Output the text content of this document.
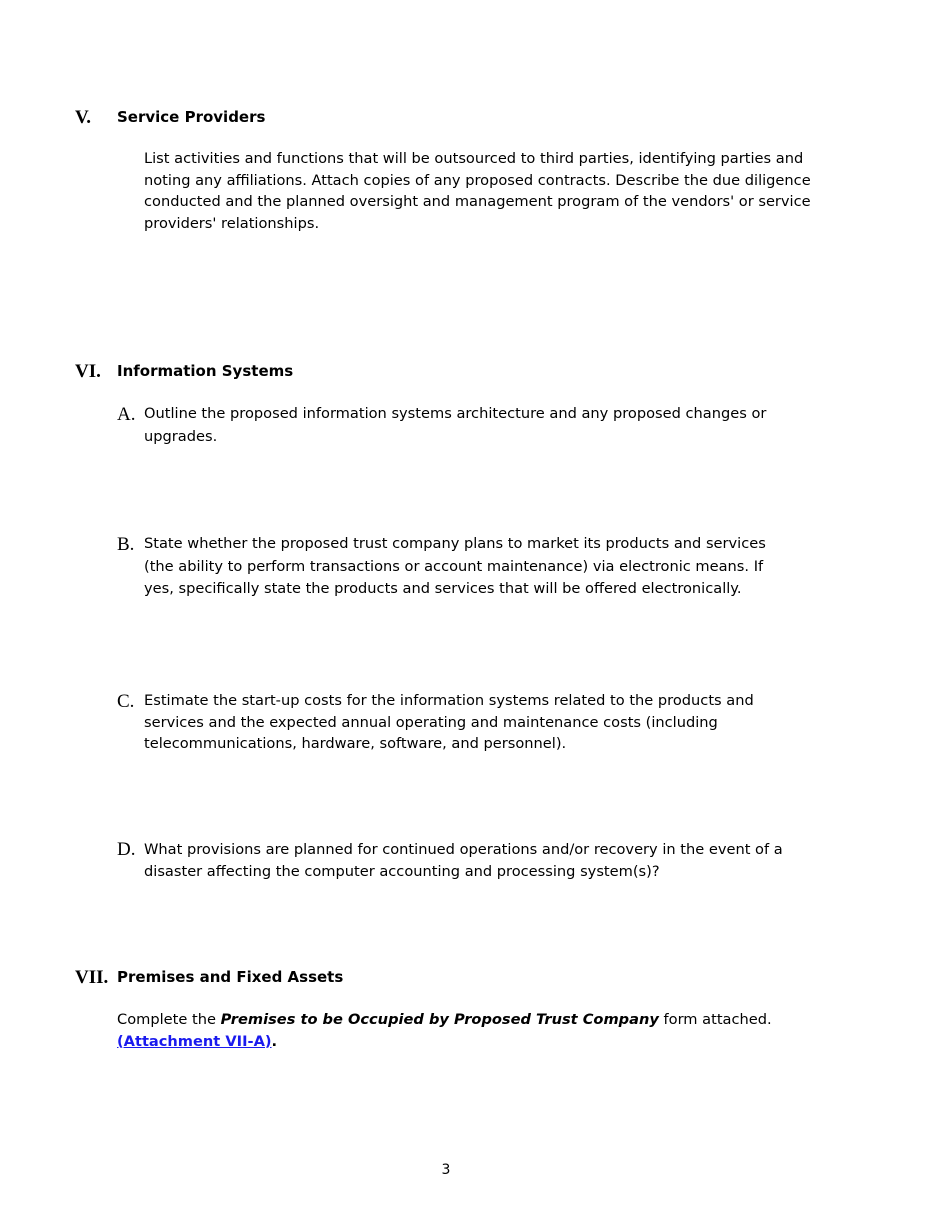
V. Service Providers
List activities and functions that will be outsourced to third parties, identifying parties and noting any affiliations. Attach copies of any proposed contracts. Describe the due diligence conducted and the planned oversight and management program of the vendors' or service providers' relationships.
VI. Information Systems
A. Outline the proposed information systems architecture and any proposed changes or upgrades.
B. State whether the proposed trust company plans to market its products and services (the ability to perform transactions or account maintenance) via electronic means. If yes, specifically state the products and services that will be offered electronically.
C. Estimate the start-up costs for the information systems related to the products and services and the expected annual operating and maintenance costs (including telecommunications, hardware, software, and personnel).
D. What provisions are planned for continued operations and/or recovery in the event of a disaster affecting the computer accounting and processing system(s)?
VII. Premises and Fixed Assets
Complete the Premises to be Occupied by Proposed Trust Company form attached. (Attachment VII-A).
3
